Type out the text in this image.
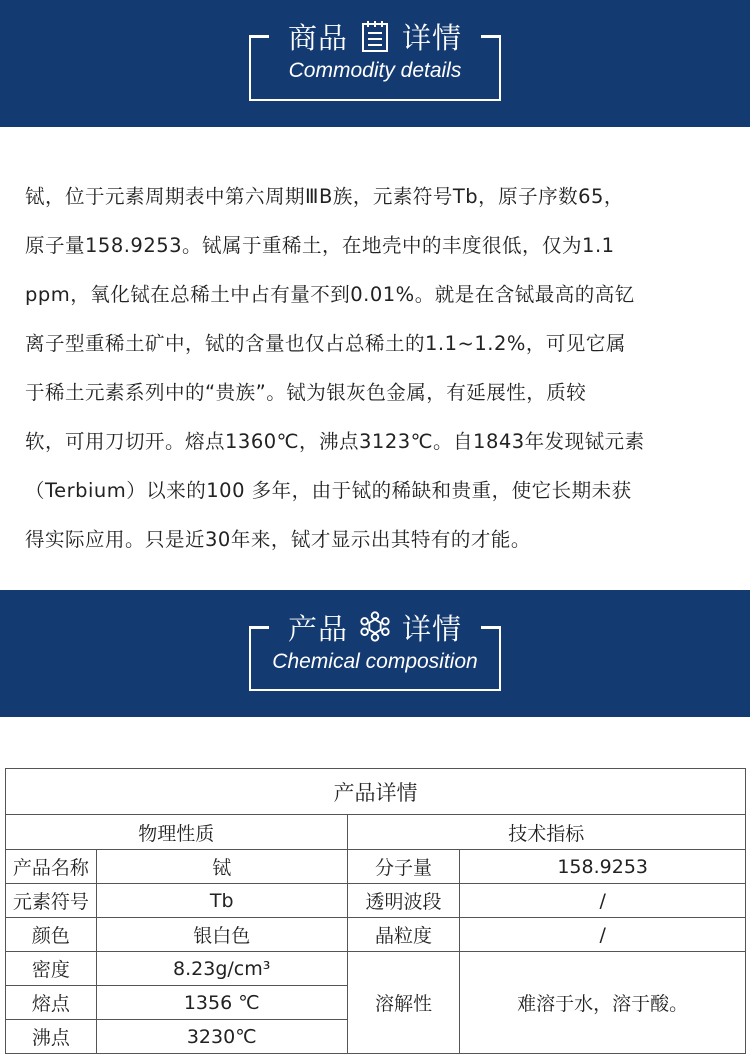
商品 详情
Commodity details
铽，位于元素周期表中第六周期ⅢB族，元素符号Tb，原子序数65，
原子量158.9253。铽属于重稀土，在地壳中的丰度很低，仅为1.1
ppm，氧化铽在总稀土中占有量不到0.01%。就是在含铽最高的高钇
离子型重稀土矿中，铽的含量也仅占总稀土的1.1~1.2%，可见它属
于稀土元素系列中的“贵族”。铽为银灰色金属，有延展性，质较
软，可用刀切开。熔点1360℃，沸点3123℃。自1843年发现铽元素
（Terbium）以来的100 多年，由于铽的稀缺和贵重，使它长期未获
得实际应用。只是近30年来，铽才显示出其特有的才能。
产品 详情
Chemical composition
产品详情			
物理性质		技术指标	
产品名称	铽	分子量	158.9253
元素符号	Tb	透明波段	/
颜色	银白色	晶粒度	/
密度	8.23g/cm³	溶解性	难溶于水，溶于酸。
熔点	1356 ℃		
沸点	3230℃		
